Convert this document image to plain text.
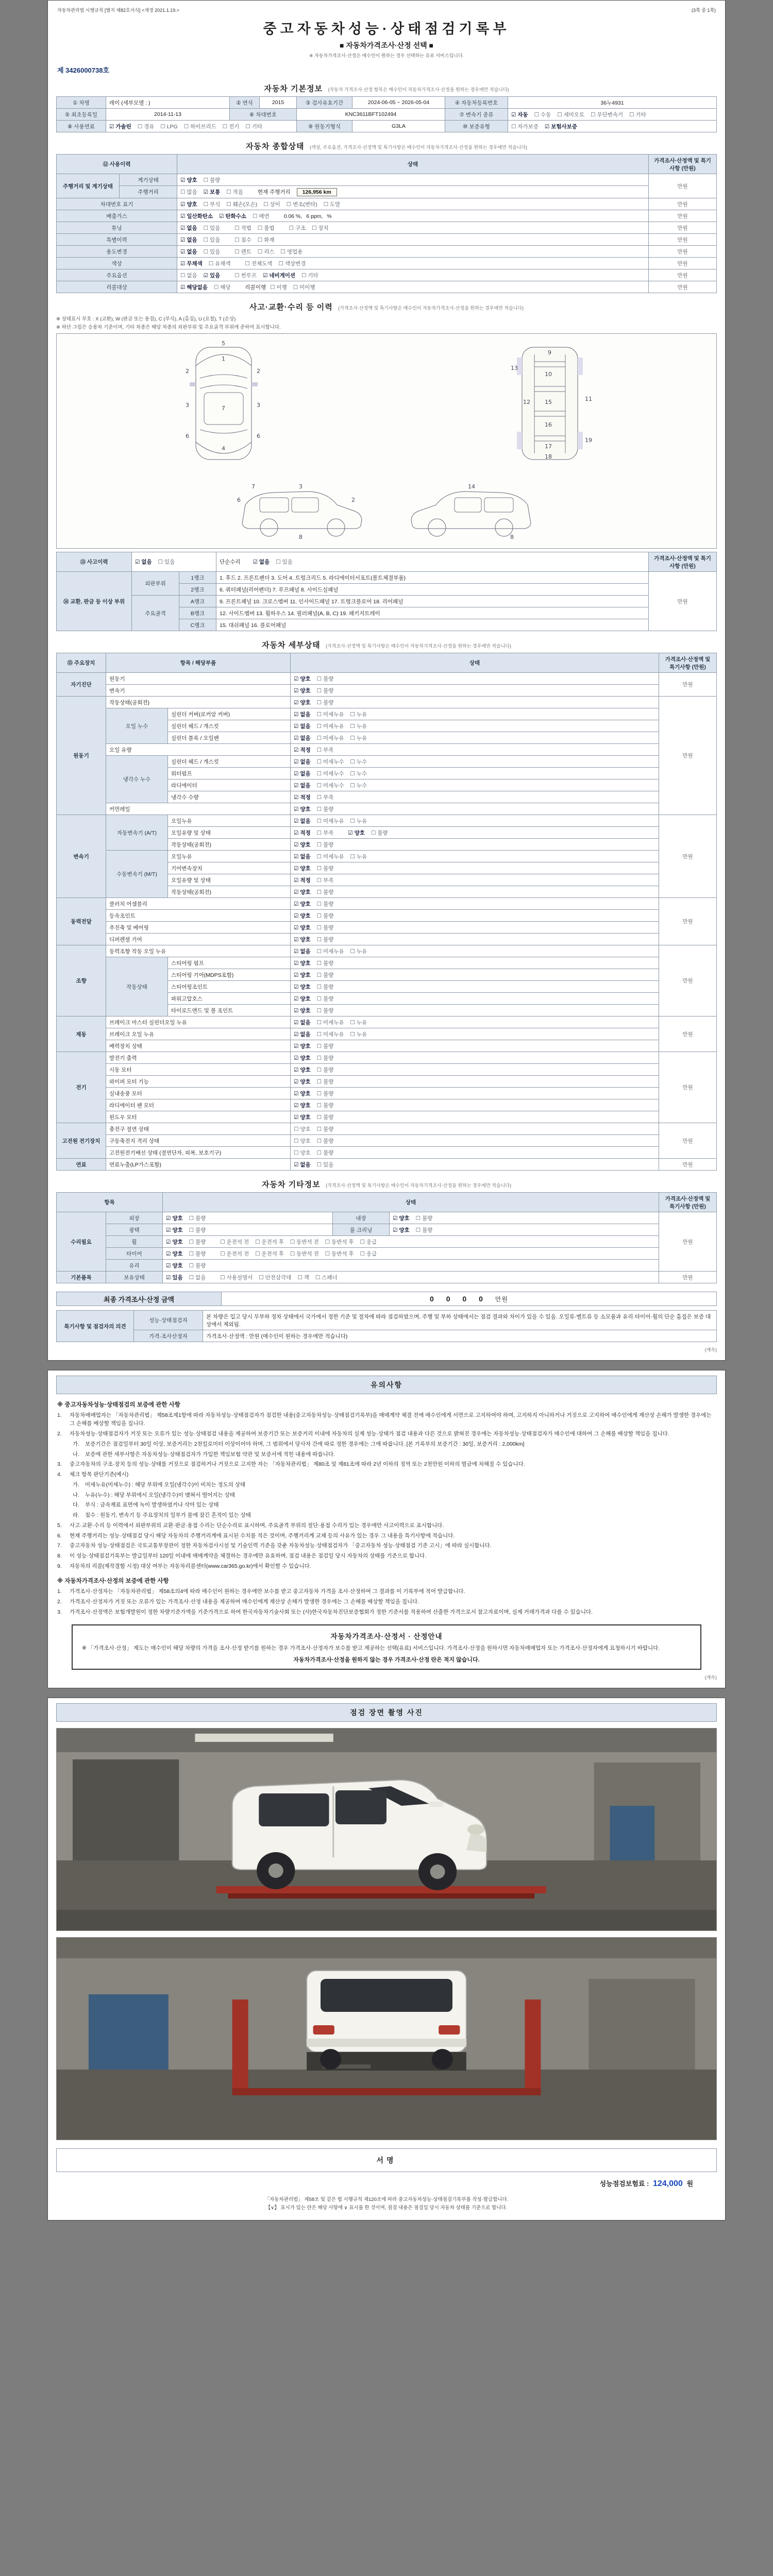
자동차관리법 시행규칙 [별지 제82호서식] <개정 2021.1.19.>	(3쪽 중 1쪽)
중고자동차성능·상태점검기록부
■ 자동차가격조사·산정 선택 ■
※ 자동차가격조사·산정은 매수인이 원하는 경우 선택하는 유료 서비스입니다.
제 3426000738호
자동차 기본정보 (자동차 가격조사·산정 항목은 매수인이 자동차가격조사·산정을 원하는 경우에만 적습니다)
① 차명	레이 (세부모델 : )	② 연식	2015	③ 검사유효기간	2024-06-05 ~ 2026-05-04	④ 자동차등록번호	36누4931
⑤ 최초등록일	2014-11-13	⑥ 차대번호		KNC3611BFT102494		⑦ 변속기 종류	☑ 자동 ☐ 수동 ☐ 세미오토 ☐ 무단변속기 ☐ 기타
⑧ 사용연료	☑ 가솔린 ☐ 경유 ☐ LPG ☐ 하이브리드 ☐ 전기 ☐ 기타			⑨ 원동기형식	G3LA	⑩ 보증유형	☐ 자가보증 ☑ 보험사보증
자동차 종합상태 (색상, 주요옵션, 가격조사·산정액 및 특기사항은 매수인이 자동차가격조사·산정을 원하는 경우에만 적습니다)
⑫ 사용이력		상태	가격조사·산정액 및 특기사항 (만원)
주행거리 및 계기상태	계기상태	☑ 양호 ☐ 불량	만원
	주행거리	☐ 많음 ☑ 보통 ☐ 적음 현재 주행거리 126,956 km	
차대번호 표기		☑ 양호 ☐ 부식 ☐ 훼손(오손) ☐ 상이 ☐ 변조(변타) ☐ 도말	만원
배출가스		☑ 일산화탄소 ☑ 탄화수소 ☐ 매연 0.06 %, 6 ppm, %	만원
튜닝		☑ 없음 ☐ 있음 ☐ 적법 ☐ 불법 ☐ 구조 ☐ 장치	만원
특별이력		☑ 없음 ☐ 있음 ☐ 침수 ☐ 화재	만원
용도변경		☑ 없음 ☐ 있음 ☐ 렌트 ☐ 리스 ☐ 영업용	만원
색상		☑ 무채색 ☐ 유채색 ☐ 전체도색 ☐ 색상변경	만원
주요옵션		☐ 없음 ☑ 있음 ☐ 썬루프 ☑ 네비게이션 ☐ 기타	만원
리콜대상		☑ 해당없음 ☐ 해당 리콜이행 ☐ 이행 ☐ 미이행	만원
사고·교환·수리 등 이력 (가격조사·산정액 및 특기사항은 매수인이 자동차가격조사·산정을 원하는 경우에만 적습니다)
※ 상태표시 부호 : X (교환), W (판금 또는 용접), C (부식), A (흠집), U (요철), T (손상)
※ 하단 그림은 승용차 기준이며, 기타 차종은 해당 차종의 외판부위 및 주요골격 부위에 준하여 표시합니다.
5
1
7
4
2	2
3	3
6	6
9
10
11
12
13
15
16
17
18
19
7	3
6	2
8
14
8
⑬ 사고이력	☑ 없음 ☐ 있음		단순수리 ☑ 없음 ☐ 있음	가격조사·산정액 및 특기사항 (만원)
⑭ 교환, 판금 등 이상 부위	외판부위	1랭크	1. 후드 2. 프론트펜더 3. 도어 4. 트렁크리드 5. 라디에이터서포트(볼트체결부품)	만원
		2랭크	6. 쿼터패널(리어펜더) 7. 루프패널 8. 사이드실패널	
	주요골격	A랭크	9. 프론트패널 10. 크로스멤버 11. 인사이드패널 17. 트렁크플로어 18. 리어패널	
		B랭크	12. 사이드멤버 13. 휠하우스 14. 필러패널(A, B, C) 19. 패키지트레이	
		C랭크	15. 대쉬패널 16. 플로어패널	
자동차 세부상태 (가격조사·산정액 및 특기사항은 매수인이 자동차가격조사·산정을 원하는 경우에만 적습니다)
⑮ 주요장치	항목 / 해당부품		상태	가격조사·산정액 및 특기사항 (만원)
자기진단	원동기		☑ 양호 ☐ 불량	만원
	변속기		☑ 양호 ☐ 불량	
원동기	작동상태(공회전)		☑ 양호 ☐ 불량	만원
	오일 누수	실린더 커버(로커암 커버)	☑ 없음 ☐ 미세누유 ☐ 누유	
		실린더 헤드 / 개스킷	☑ 없음 ☐ 미세누유 ☐ 누유	
		실린더 블록 / 오일팬	☑ 없음 ☐ 미세누유 ☐ 누유	
	오일 유량		☑ 적정 ☐ 부족	
	냉각수 누수	실린더 헤드 / 개스킷	☑ 없음 ☐ 미세누수 ☐ 누수	
		워터펌프	☑ 없음 ☐ 미세누수 ☐ 누수	
		라디에이터	☑ 없음 ☐ 미세누수 ☐ 누수	
		냉각수 수량	☑ 적정 ☐ 부족	
	커먼레일		☑ 양호 ☐ 불량	
변속기	자동변속기 (A/T)	오일누유	☑ 없음 ☐ 미세누유 ☐ 누유	만원
		오일유량 및 상태	☑ 적정 ☐ 부족 ☑ 양호 ☐ 불량	
		작동상태(공회전)	☑ 양호 ☐ 불량	
	수동변속기 (M/T)	오일누유	☑ 없음 ☐ 미세누유 ☐ 누유	
		기어변속장치	☑ 양호 ☐ 불량	
		오일유량 및 상태	☑ 적정 ☐ 부족	
		작동상태(공회전)	☑ 양호 ☐ 불량	
동력전달	클러치 어셈블리		☑ 양호 ☐ 불량	만원
	등속조인트		☑ 양호 ☐ 불량	
	추진축 및 베어링		☑ 양호 ☐ 불량	
	디퍼렌셜 기어		☑ 양호 ☐ 불량	
조향	동력조향 작동 오일 누유		☑ 없음 ☐ 미세누유 ☐ 누유	만원
	작동상태	스티어링 펌프	☑ 양호 ☐ 불량	
		스티어링 기어(MDPS포함)	☑ 양호 ☐ 불량	
		스티어링조인트	☑ 양호 ☐ 불량	
		파워고압호스	☑ 양호 ☐ 불량	
		타이로드엔드 및 볼 조인트	☑ 양호 ☐ 불량	
제동	브레이크 마스터 실린더오일 누유		☑ 없음 ☐ 미세누유 ☐ 누유	만원
	브레이크 오일 누유		☑ 없음 ☐ 미세누유 ☐ 누유	
	배력장치 상태		☑ 양호 ☐ 불량	
전기	발전기 출력		☑ 양호 ☐ 불량	만원
	시동 모터		☑ 양호 ☐ 불량	
	와이퍼 모터 기능		☑ 양호 ☐ 불량	
	실내송풍 모터		☑ 양호 ☐ 불량	
	라디에이터 팬 모터		☑ 양호 ☐ 불량	
	윈도우 모터		☑ 양호 ☐ 불량	
고전원 전기장치	충전구 절연 상태		☐ 양호 ☐ 불량	만원
	구동축전지 격리 상태		☐ 양호 ☐ 불량	
	고전원전기배선 상태 (절연단자, 피복, 보호기구)		☐ 양호 ☐ 불량	
연료	연료누출(LP가스포함)		☑ 없음 ☐ 있음	만원
자동차 기타정보 (가격조사·산정액 및 특기사항은 매수인이 자동차가격조사·산정을 원하는 경우에만 적습니다)
항목		상태			가격조사·산정액 및 특기사항 (만원)
수리필요	외장	☑ 양호 ☐ 불량	내장	☑ 양호 ☐ 불량	만원
	광택	☑ 양호 ☐ 불량	룸 크리닝	☑ 양호 ☐ 불량	
	휠	☑ 양호 ☐ 불량 ☐ 운전석 전 ☐ 운전석 후 ☐ 동반석 전 ☐ 동반석 후 ☐ 응급			
	타이어	☑ 양호 ☐ 불량 ☐ 운전석 전 ☐ 운전석 후 ☐ 동반석 전 ☐ 동반석 후 ☐ 응급			
	유리	☑ 양호 ☐ 불량			
기본품목	보유상태	☑ 있음 ☐ 없음 ☐ 사용설명서 ☐ 안전삼각대 ☐ 잭 ☐ 스패너			만원
최종 가격조사·산정 금액	0 0 0 0 만원
특기사항 및 점검자의 의견	성능·상태점검자	본 차량은 입고 당시 무부하 정차 상태에서 국가에서 정한 기준 및 절차에 따라 점검하였으며, 주행 및 부하 상태에서는 점검 결과와 차이가 있을 수 있음. 오일류·벨트류 등 소모품과 유리·타이어·휠의 단순 흠집은 보증 대상에서 제외됨.
	가격·조사산정자	가격조사·산정액 : 만원 (매수인이 원하는 경우에만 적습니다)
(계속)
유의사항
※ 중고자동차성능·상태점검의 보증에 관한 사항

1.	자동차매매업자는 「자동차관리법」 제58조제1항에 따라 자동차성능·상태점검자가 점검한 내용(중고자동차성능·상태점검기록부)을 매매계약 체결 전에 매수인에게 서면으로 고지하여야 하며, 고지하지 아니하거나 거짓으로 고지하여 매수인에게 재산상 손해가 발생한 경우에는 그 손해를 배상할 책임을 집니다.

2.	자동차성능·상태점검자가 거짓 또는 오류가 있는 성능·상태점검 내용을 제공하여 보증기간 또는 보증거리 이내에 자동차의 실제 성능·상태가 점검 내용과 다른 것으로 밝혀진 경우에는 자동차성능·상태점검자가 매수인에 대하여 그 손해를 배상할 책임을 집니다.

가.	보증기간은 점검일부터 30일 이상, 보증거리는 2천킬로미터 이상이어야 하며, 그 범위에서 당사자 간에 따로 정한 경우에는 그에 따릅니다. [본 기록부의 보증기간 : 30일, 보증거리 : 2,000km]

나.	보증에 관한 세부사항은 자동차성능·상태점검자가 가입한 책임보험 약관 및 보증서에 적힌 내용에 따릅니다.

3.	중고자동차의 구조·장치 등의 성능·상태를 거짓으로 점검하거나 거짓으로 고지한 자는 「자동차관리법」 제80조 및 제81조에 따라 2년 이하의 징역 또는 2천만원 이하의 벌금에 처해질 수 있습니다.

4.	체크 항목 판단기준(예시)

가.	미세누유(미세누수) : 해당 부위에 오일(냉각수)이 비치는 정도의 상태

나.	누유(누수) : 해당 부위에서 오일(냉각수)이 맺혀서 떨어지는 상태

다.	부식 : 금속재료 표면에 녹이 발생하였거나 삭아 있는 상태

라.	침수 : 원동기, 변속기 등 주요장치의 일부가 물에 잠긴 흔적이 있는 상태

5.	사고·교환·수리 등 이력에서 외판부위의 교환·판금·용접 수리는 단순수리로 표시하며, 주요골격 부위의 절단·용접 수리가 있는 경우에만 사고이력으로 표시합니다.

6.	현재 주행거리는 성능·상태점검 당시 해당 자동차의 주행거리계에 표시된 수치를 적은 것이며, 주행거리계 교체 등의 사유가 있는 경우 그 내용을 특기사항에 적습니다.

7.	중고자동차 성능·상태점검은 국토교통부장관이 정한 자동차검사시설 및 기술인력 기준을 갖춘 자동차성능·상태점검자가 「중고자동차 성능·상태점검 기준 고시」에 따라 실시합니다.

8.	이 성능·상태점검기록부는 발급일부터 120일 이내에 매매계약을 체결하는 경우에만 유효하며, 점검 내용은 점검일 당시 자동차의 상태를 기준으로 합니다.

9.	자동차의 리콜(제작결함 시정) 대상 여부는 자동차리콜센터(www.car365.go.kr)에서 확인할 수 있습니다.

※ 자동차가격조사·산정의 보증에 관한 사항

1.	가격조사·산정자는 「자동차관리법」 제58조의4에 따라 매수인이 원하는 경우에만 보수를 받고 중고자동차 가격을 조사·산정하여 그 결과를 이 기록부에 적어 발급합니다.

2.	가격조사·산정자가 거짓 또는 오류가 있는 가격조사·산정 내용을 제공하여 매수인에게 재산상 손해가 발생한 경우에는 그 손해를 배상할 책임을 집니다.

3.	가격조사·산정액은 보험개발원이 정한 차량기준가액을 기준가격으로 하여 한국자동차기술사회 또는 (사)한국자동차진단보증협회가 정한 기준서를 적용하여 산출한 가격으로서 참고자료이며, 실제 거래가격과 다를 수 있습니다.

자동차가격조사·산정서 · 산정안내
※ 「가격조사·산정」 제도는 매수인이 해당 차량의 가격을 조사·산정 받기를 원하는 경우 가격조사·산정자가 보수를 받고 제공하는 선택(유료) 서비스입니다. 가격조사·산정을 원하시면 자동차매매업자 또는 가격조사·산정자에게 요청하시기 바랍니다.
자동차가격조사·산정을 원하지 않는 경우 가격조사·산정 란은 적지 않습니다.
(계속)
점검 장면 촬영 사진
서명
성능점검보험료 : 124,000 원
「자동차관리법」 제58조 및 같은 법 시행규칙 제120조에 따라 중고자동차성능·상태점검기록부를 작성·발급합니다.
【∨】 표시가 있는 란은 해당 사항에 ∨ 표시를 한 것이며, 점검 내용은 점검일 당시 자동차 상태를 기준으로 합니다.
